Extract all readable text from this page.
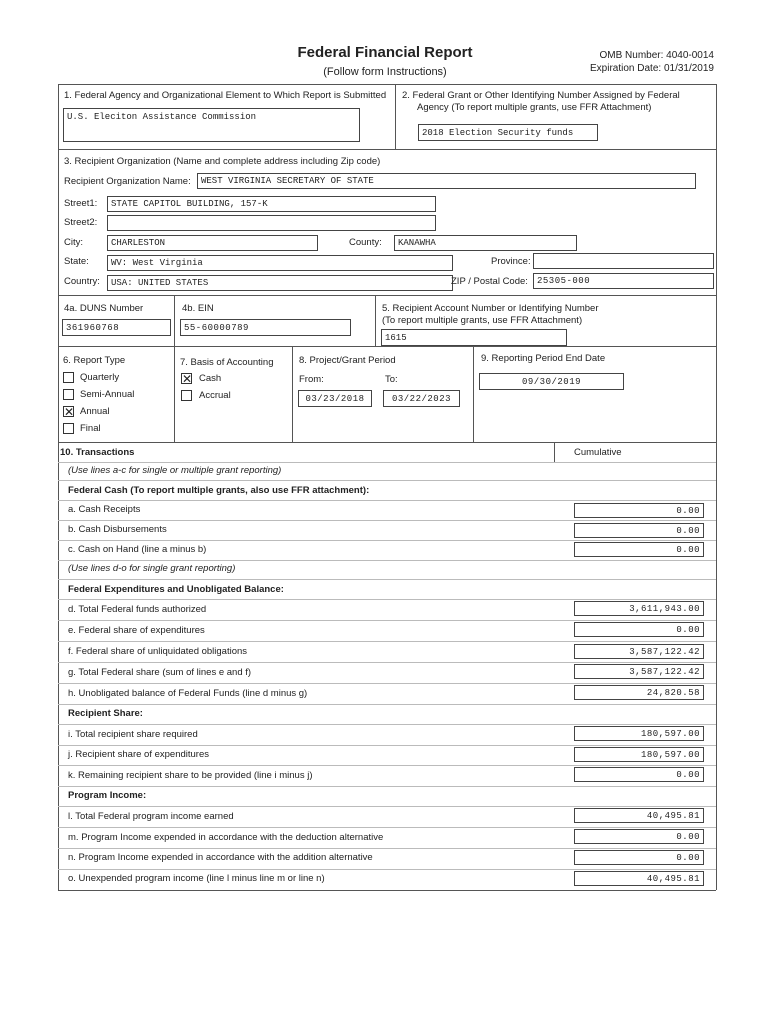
Federal Financial Report
(Follow form Instructions)
OMB Number: 4040-0014
Expiration Date: 01/31/2019
1. Federal Agency and Organizational Element to Which Report is Submitted
U.S. Eleciton Assistance Commission
2. Federal Grant or Other Identifying Number Assigned by Federal
Agency (To report multiple grants, use FFR Attachment)
2018 Election Security funds
3. Recipient Organization (Name and complete address including Zip code)
Recipient Organization Name:	WEST VIRGINIA SECRETARY OF STATE
Street1:	STATE CAPITOL BUILDING, 157-K
Street2:
City:	CHARLESTON	County:	KANAWHA
State:	WV: West Virginia	Province:
Country:	USA: UNITED STATES	ZIP / Postal Code:	25305-000
4a. DUNS Number
361960768
4b. EIN
55-60000789
5. Recipient Account Number or Identifying Number
(To report multiple grants, use FFR Attachment)
1615
6. Report Type
Quarterly
Semi-Annual
✕ Annual
Final
7. Basis of Accounting
✕ Cash
Accrual
8. Project/Grant Period
From:	To:
03/23/2018	03/22/2023
9. Reporting Period End Date
09/30/2019
10. Transactions	Cumulative
(Use lines a-c for single or multiple grant reporting)
Federal Cash (To report multiple grants, also use FFR attachment):
a. Cash Receipts	0.00
b. Cash Disbursements	0.00
c. Cash on Hand (line a minus b)	0.00
(Use lines d-o for single grant reporting)
Federal Expenditures and Unobligated Balance:
d. Total Federal funds authorized	3,611,943.00
e. Federal share of expenditures	0.00
f. Federal share of unliquidated obligations	3,587,122.42
g. Total Federal share (sum of lines e and f)	3,587,122.42
h. Unobligated balance of Federal Funds (line d minus g)	24,820.58
Recipient Share:
i. Total recipient share required	180,597.00
j. Recipient share of expenditures	180,597.00
k. Remaining recipient share to be provided (line i minus j)	0.00
Program Income:
l. Total Federal program income earned	40,495.81
m. Program Income expended in accordance with the deduction alternative	0.00
n. Program Income expended in accordance with the addition alternative	0.00
o. Unexpended program income (line l minus line m or line n)	40,495.81
